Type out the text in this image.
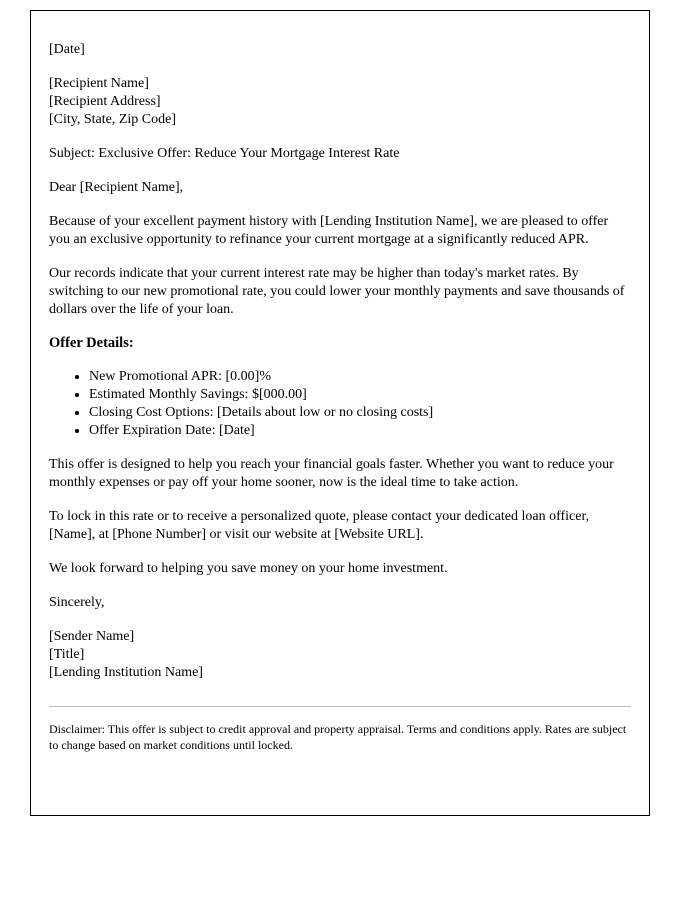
[Date]

[Recipient Name]

[Recipient Address]

[City, State, Zip Code]

Subject: Exclusive Offer: Reduce Your Mortgage Interest Rate

Dear [Recipient Name],

Because of your excellent payment history with [Lending Institution Name], we are pleased to offer you an exclusive opportunity to refinance your current mortgage at a significantly reduced APR.

Our records indicate that your current interest rate may be higher than today's market rates. By switching to our new promotional rate, you could lower your monthly payments and save thousands of dollars over the life of your loan.

Offer Details:

• New Promotional APR: [0.00]%
• Estimated Monthly Savings: $[000.00]
• Closing Cost Options: [Details about low or no closing costs]
• Offer Expiration Date: [Date]

This offer is designed to help you reach your financial goals faster. Whether you want to reduce your monthly expenses or pay off your home sooner, now is the ideal time to take action.

To lock in this rate or to receive a personalized quote, please contact your dedicated loan officer, [Name], at [Phone Number] or visit our website at [Website URL].

We look forward to helping you save money on your home investment.

Sincerely,

[Sender Name]

[Title]

[Lending Institution Name]

Disclaimer: This offer is subject to credit approval and property appraisal. Terms and conditions apply. Rates are subject to change based on market conditions until locked.
